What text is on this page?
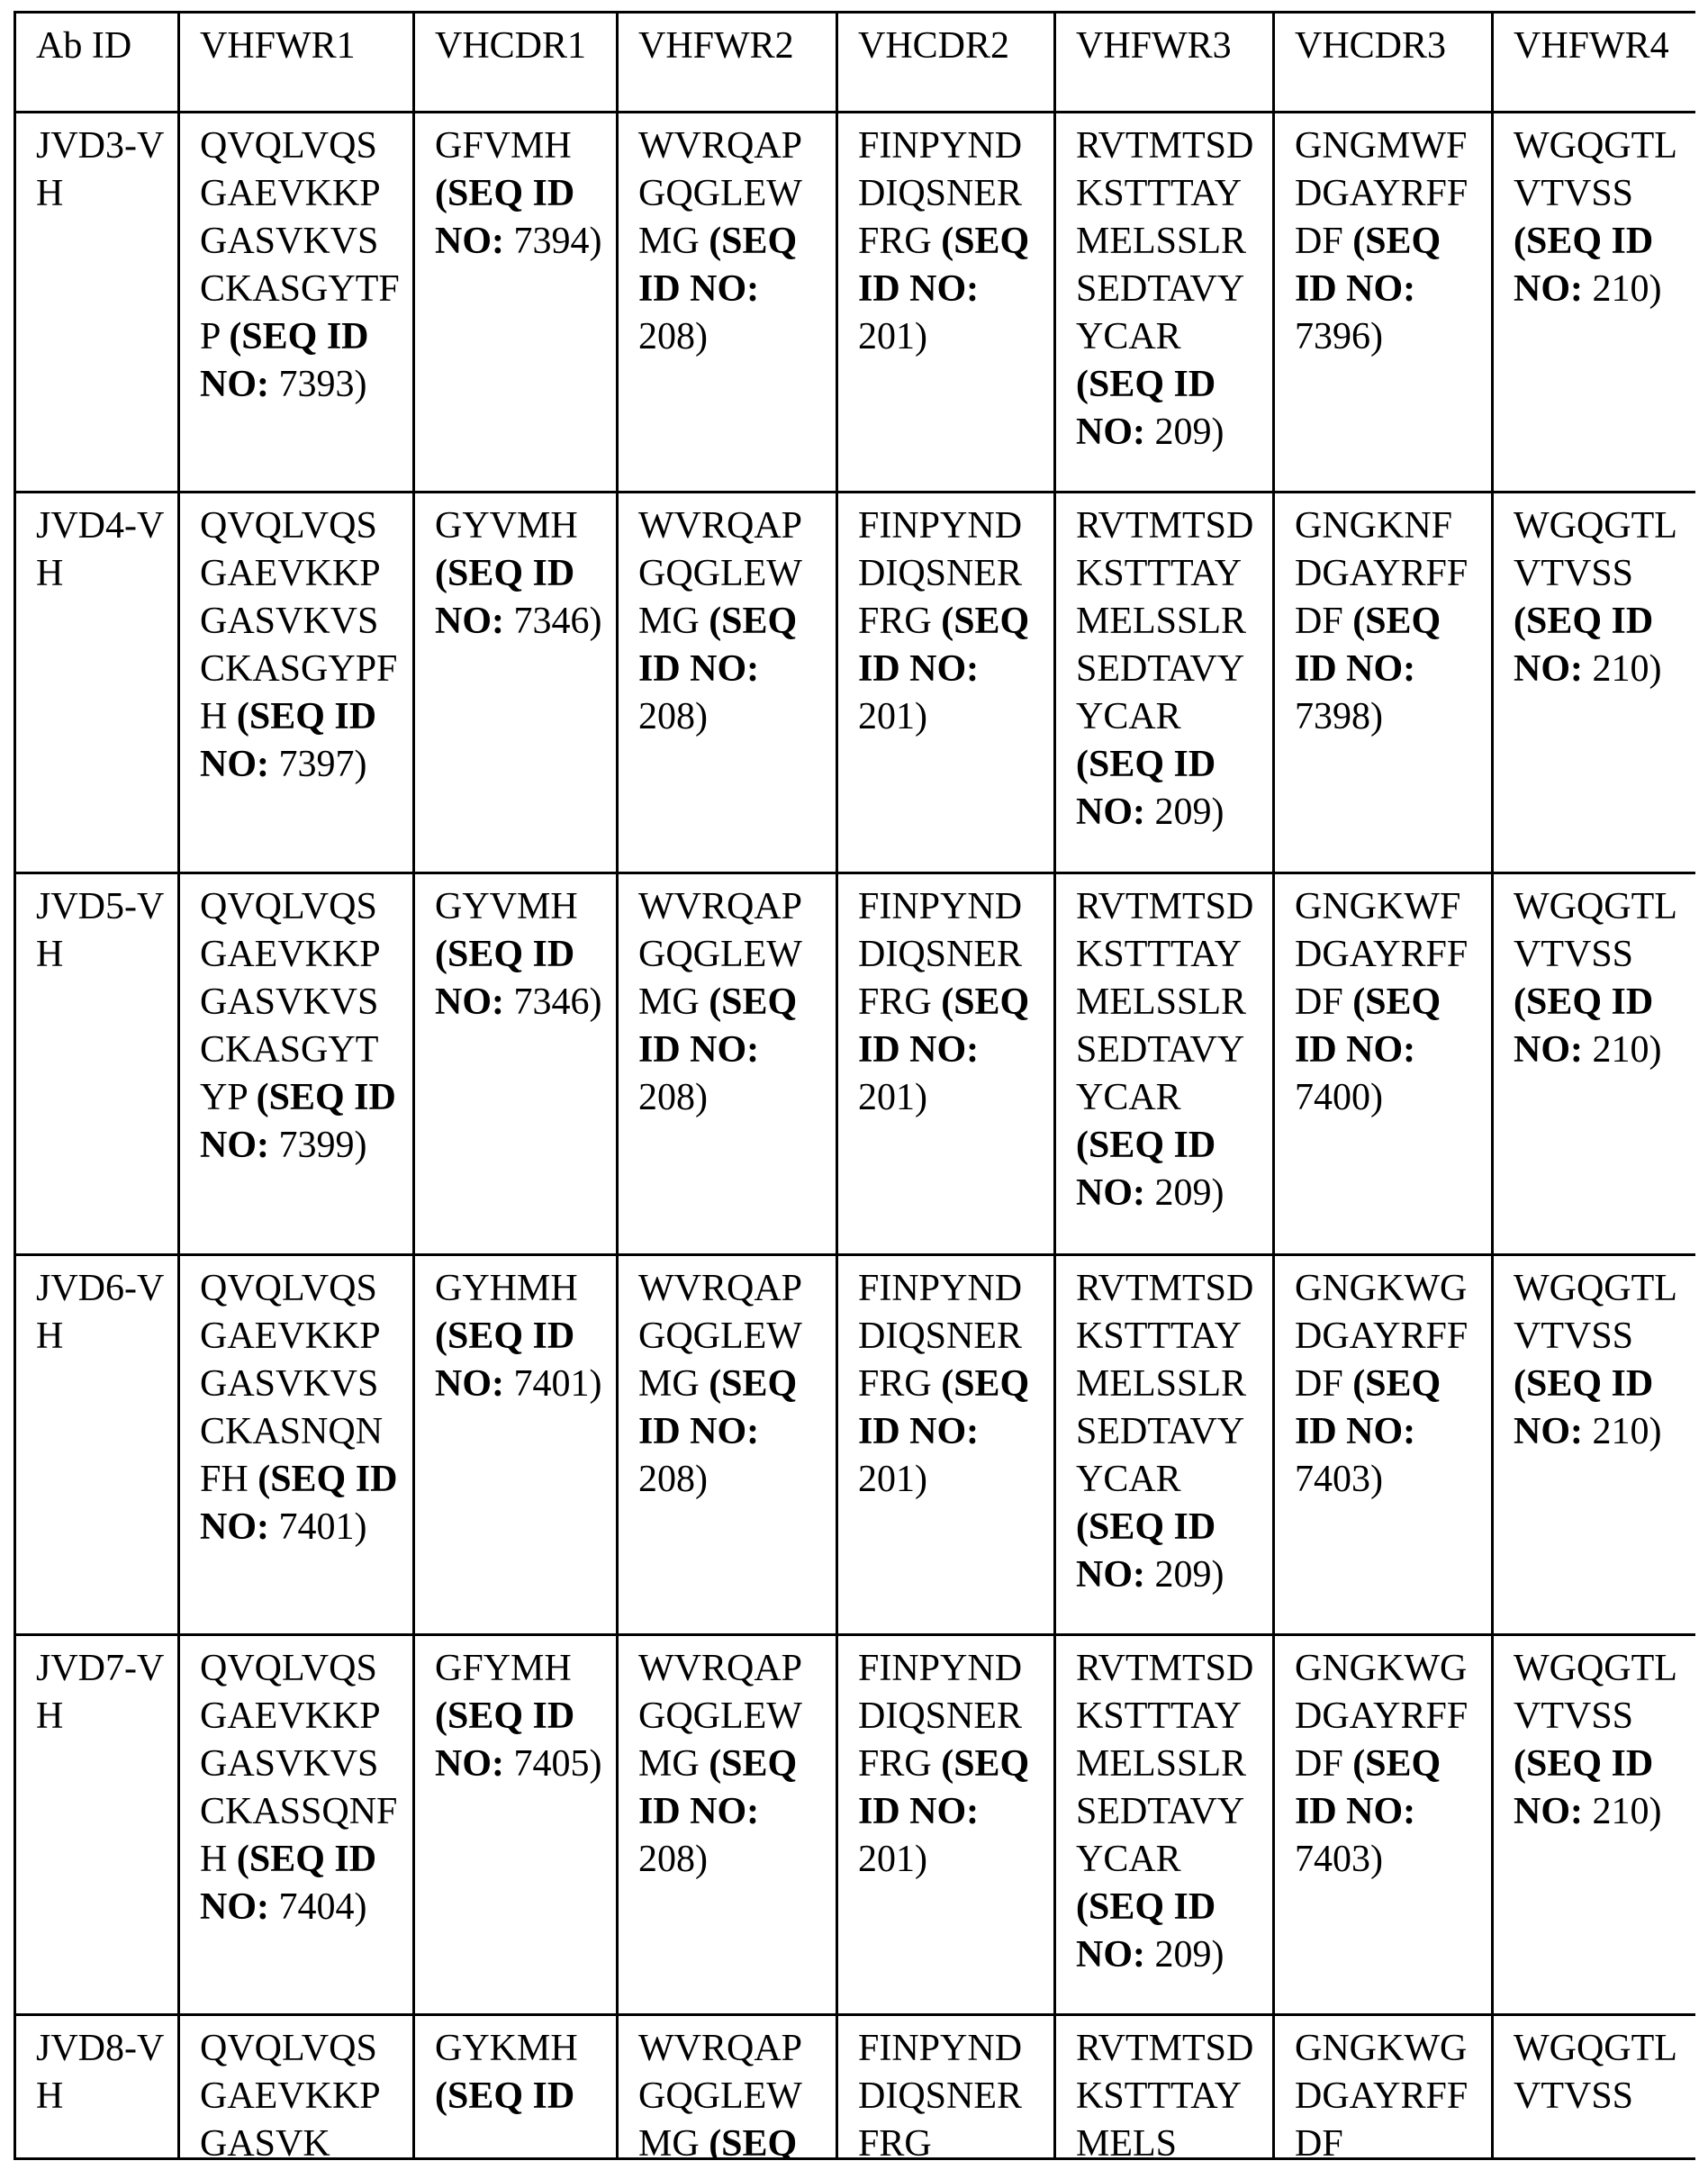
Ab ID	VHFWR1	VHCDR1	VHFWR2	VHCDR2	VHFWR3	VHCDR3	VHFWR4
JVD3-VH	QVQLVQSGAEVKKPGASVKVSCKASGYTFP (SEQ ID NO: 7393)	GFVMH (SEQ ID NO: 7394)	WVRQAPGQGLEWMG (SEQ ID NO: 208)	FINPYNDDIQSNERFRG (SEQ ID NO: 201)	RVTMTSDKSTTTAYMELSSLRSEDTAVYYCAR (SEQ ID NO: 209)	GNGMWFDGAYRFFDF (SEQ ID NO: 7396)	WGQGTLVTVSS (SEQ ID NO: 210)
JVD4-VH	QVQLVQSGAEVKKPGASVKVSCKASGYPFH (SEQ ID NO: 7397)	GYVMH (SEQ ID NO: 7346)	WVRQAPGQGLEWMG (SEQ ID NO: 208)	FINPYNDDIQSNERFRG (SEQ ID NO: 201)	RVTMTSDKSTTTAYMELSSLRSEDTAVYYCAR (SEQ ID NO: 209)	GNGKNFDGAYRFFDF (SEQ ID NO: 7398)	WGQGTLVTVSS (SEQ ID NO: 210)
JVD5-VH	QVQLVQSGAEVKKPGASVKVSCKASGYTYP (SEQ ID NO: 7399)	GYVMH (SEQ ID NO: 7346)	WVRQAPGQGLEWMG (SEQ ID NO: 208)	FINPYNDDIQSNERFRG (SEQ ID NO: 201)	RVTMTSDKSTTTAYMELSSLRSEDTAVYYCAR (SEQ ID NO: 209)	GNGKWFDGAYRFFDF (SEQ ID NO: 7400)	WGQGTLVTVSS (SEQ ID NO: 210)
JVD6-VH	QVQLVQSGAEVKKPGASVKVSCKASNQNFH (SEQ ID NO: 7401)	GYHMH (SEQ ID NO: 7401)	WVRQAPGQGLEWMG (SEQ ID NO: 208)	FINPYNDDIQSNERFRG (SEQ ID NO: 201)	RVTMTSDKSTTTAYMELSSLRSEDTAVYYCAR (SEQ ID NO: 209)	GNGKWGDGAYRFFDF (SEQ ID NO: 7403)	WGQGTLVTVSS (SEQ ID NO: 210)
JVD7-VH	QVQLVQSGAEVKKPGASVKVSCKASSQNFH (SEQ ID NO: 7404)	GFYMH (SEQ ID NO: 7405)	WVRQAPGQGLEWMG (SEQ ID NO: 208)	FINPYNDDIQSNERFRG (SEQ ID NO: 201)	RVTMTSDKSTTTAYMELSSLRSEDTAVYYCAR (SEQ ID NO: 209)	GNGKWGDGAYRFFDF (SEQ ID NO: 7403)	WGQGTLVTVSS (SEQ ID NO: 210)
JVD8-VH	QVQLVQSGAEVKKPGASVK	GYKMH (SEQ ID	WVRQAPGQGLEWMG (SEQ	FINPYNDDIQSNERFRG	RVTMTSDKSTTTAYMELS	GNGKWGDGAYRFFDF	WGQGTLVTVSS
